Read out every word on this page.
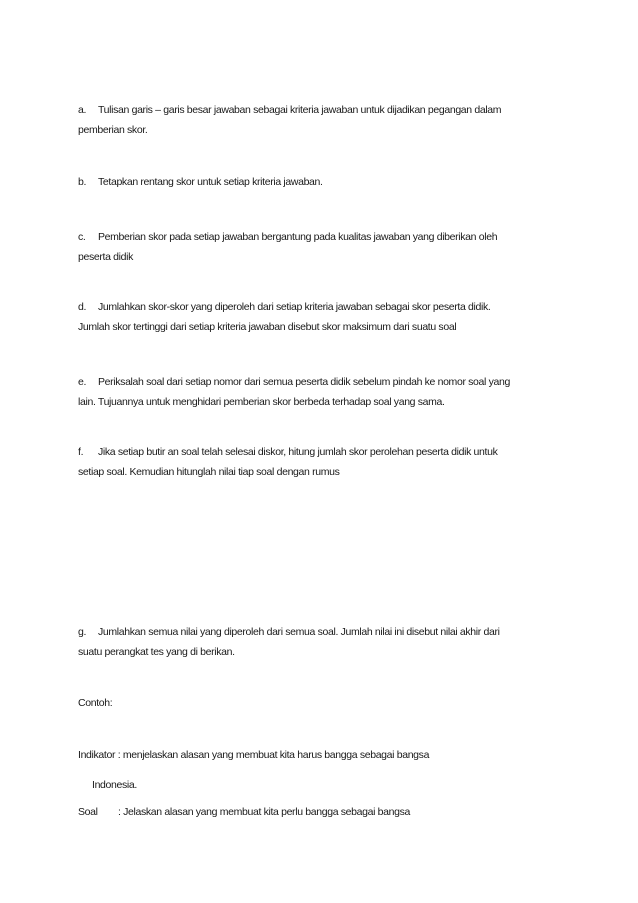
a. Tulisan garis – garis besar jawaban sebagai kriteria jawaban untuk dijadikan pegangan dalam
pemberian skor.
b. Tetapkan rentang skor untuk setiap kriteria jawaban.
c. Pemberian skor pada setiap jawaban bergantung pada kualitas jawaban yang diberikan oleh
peserta didik
d. Jumlahkan skor-skor yang diperoleh dari setiap kriteria jawaban sebagai skor peserta didik.
Jumlah skor tertinggi dari setiap kriteria jawaban disebut skor maksimum dari suatu soal
e. Periksalah soal dari setiap nomor dari semua peserta didik sebelum pindah ke nomor soal yang
lain. Tujuannya untuk menghidari pemberian skor berbeda terhadap soal yang sama.
f. Jika setiap butir an soal telah selesai diskor, hitung jumlah skor perolehan peserta didik untuk
setiap soal. Kemudian hitunglah nilai tiap soal dengan rumus
g. Jumlahkan semua nilai yang diperoleh dari semua soal. Jumlah nilai ini disebut nilai akhir dari
suatu perangkat tes yang di berikan.
Contoh:
Indikator : menjelaskan alasan yang membuat kita harus bangga sebagai bangsa
Indonesia.
Soal : Jelaskan alasan yang membuat kita perlu bangga sebagai bangsa
